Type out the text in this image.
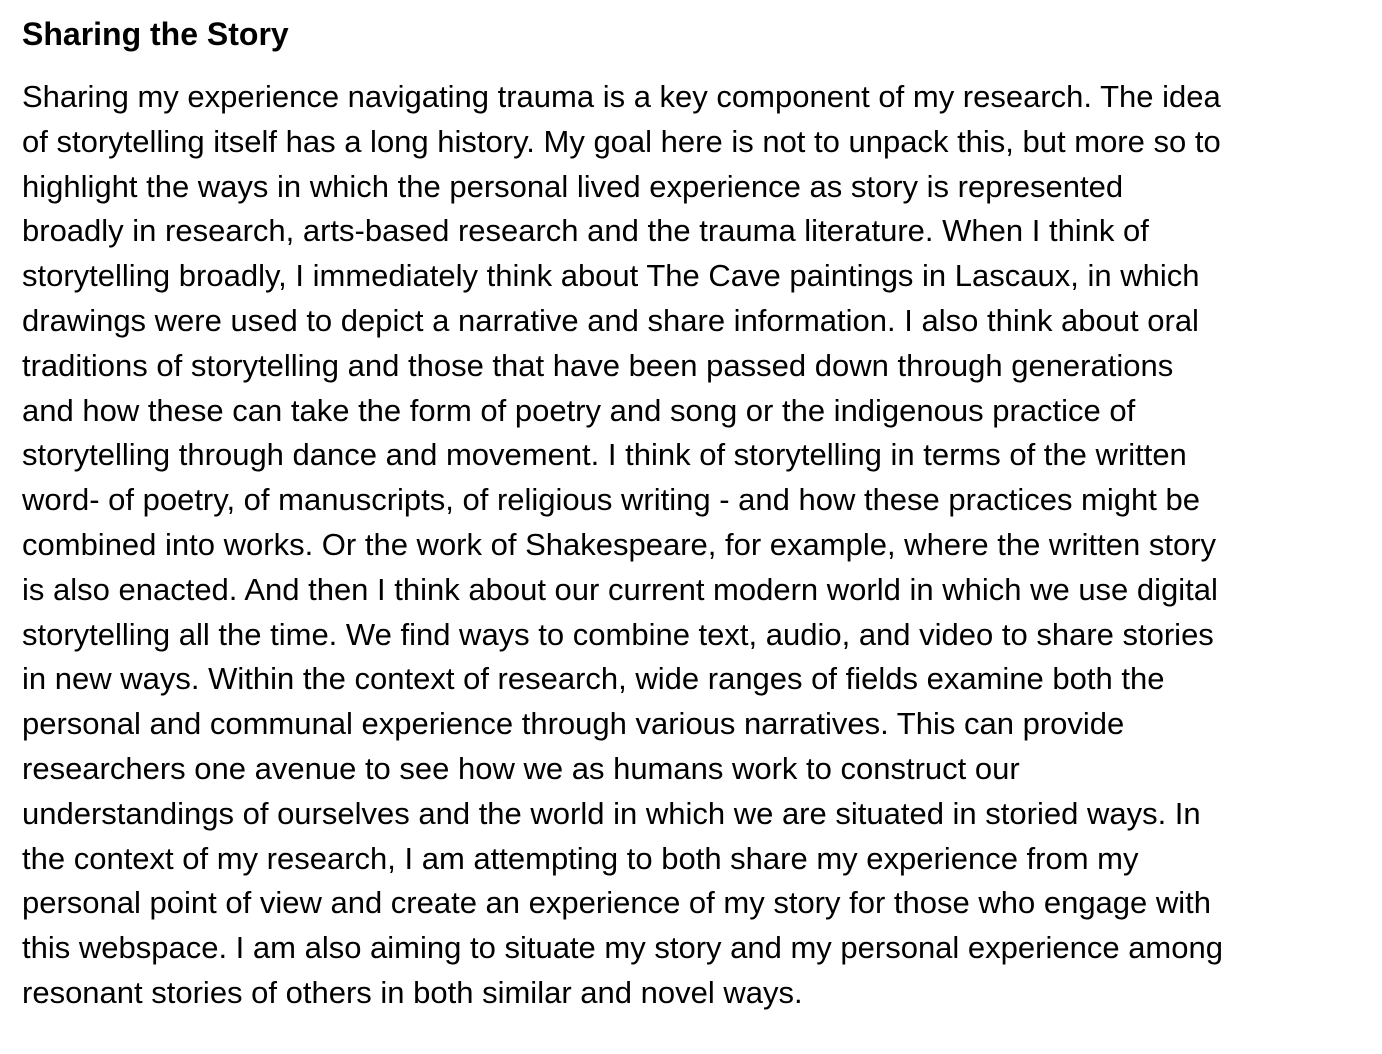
Sharing the Story

Sharing my experience navigating trauma is a key component of my research. The idea
of storytelling itself has a long history. My goal here is not to unpack this, but more so to
highlight the ways in which the personal lived experience as story is represented
broadly in research, arts-based research and the trauma literature. When I think of
storytelling broadly, I immediately think about The Cave paintings in Lascaux, in which
drawings were used to depict a narrative and share information. I also think about oral
traditions of storytelling and those that have been passed down through generations
and how these can take the form of poetry and song or the indigenous practice of
storytelling through dance and movement. I think of storytelling in terms of the written
word- of poetry, of manuscripts, of religious writing - and how these practices might be
combined into works. Or the work of Shakespeare, for example, where the written story
is also enacted. And then I think about our current modern world in which we use digital
storytelling all the time. We find ways to combine text, audio, and video to share stories
in new ways. Within the context of research, wide ranges of fields examine both the
personal and communal experience through various narratives. This can provide
researchers one avenue to see how we as humans work to construct our
understandings of ourselves and the world in which we are situated in storied ways. In
the context of my research, I am attempting to both share my experience from my
personal point of view and create an experience of my story for those who engage with
this webspace. I am also aiming to situate my story and my personal experience among
resonant stories of others in both similar and novel ways.
